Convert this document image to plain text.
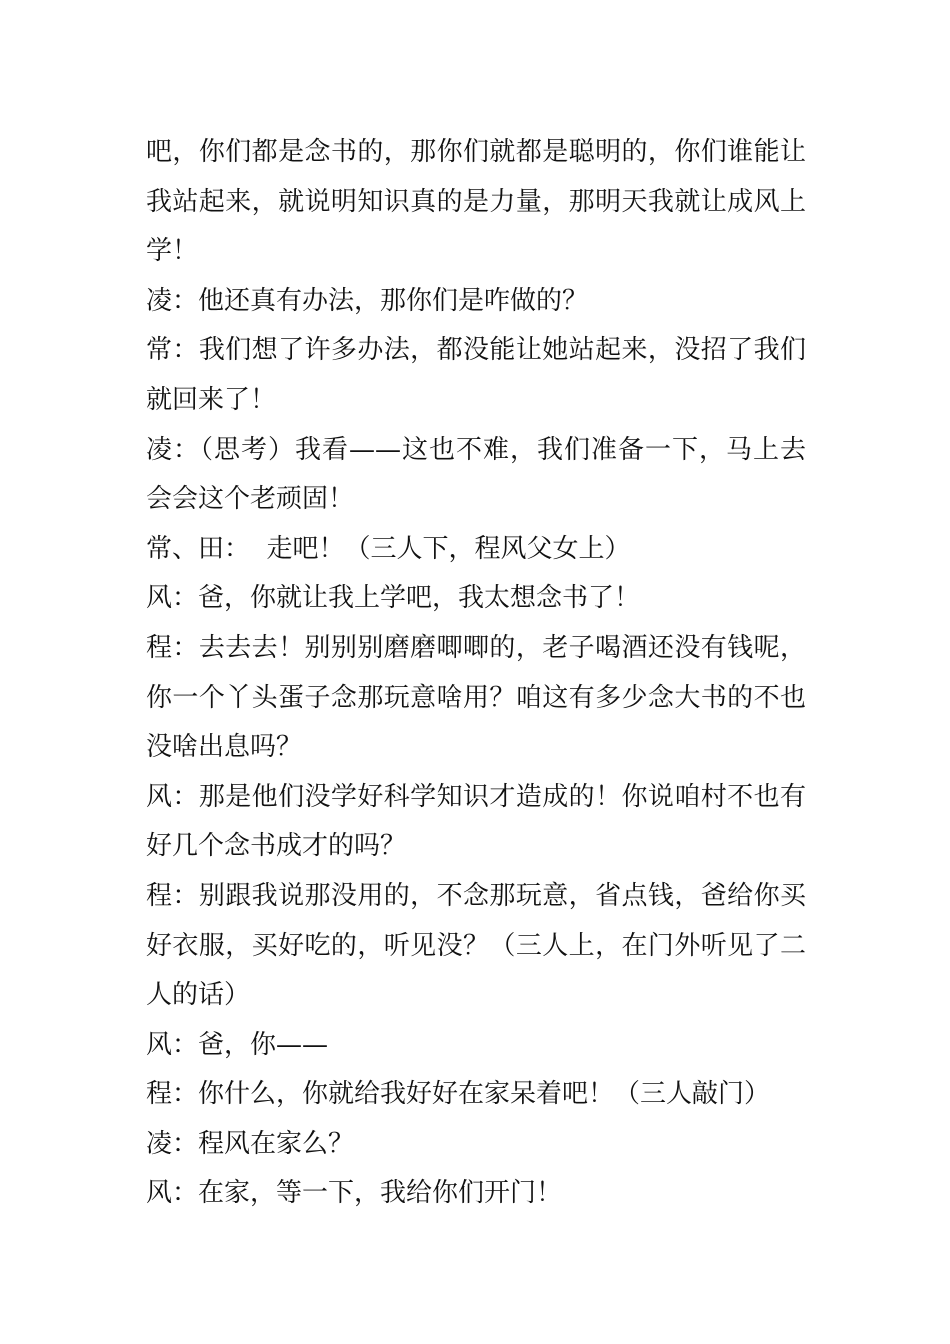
吧，你们都是念书的，那你们就都是聪明的，你们谁能让我站起来，就说明知识真的是力量，那明天我就让成风上学！

凌：他还真有办法，那你们是咋做的？

常：我们想了许多办法，都没能让她站起来，没招了我们就回来了！

凌：（思考）我看——这也不难，我们准备一下，马上去会会这个老顽固！

常、田：  走吧！（三人下，程风父女上）

风：爸，你就让我上学吧，我太想念书了！

程：去去去！别别别磨磨唧唧的，老子喝酒还没有钱呢，你一个丫头蛋子念那玩意啥用？咱这有多少念大书的不也没啥出息吗？

风：那是他们没学好科学知识才造成的！你说咱村不也有好几个念书成才的吗？

程：别跟我说那没用的，不念那玩意，省点钱，爸给你买好衣服，买好吃的，听见没？（三人上，在门外听见了二人的话）

风：爸，你——

程：你什么，你就给我好好在家呆着吧！（三人敲门）

凌：程风在家么？

风：在家，等一下，我给你们开门！
